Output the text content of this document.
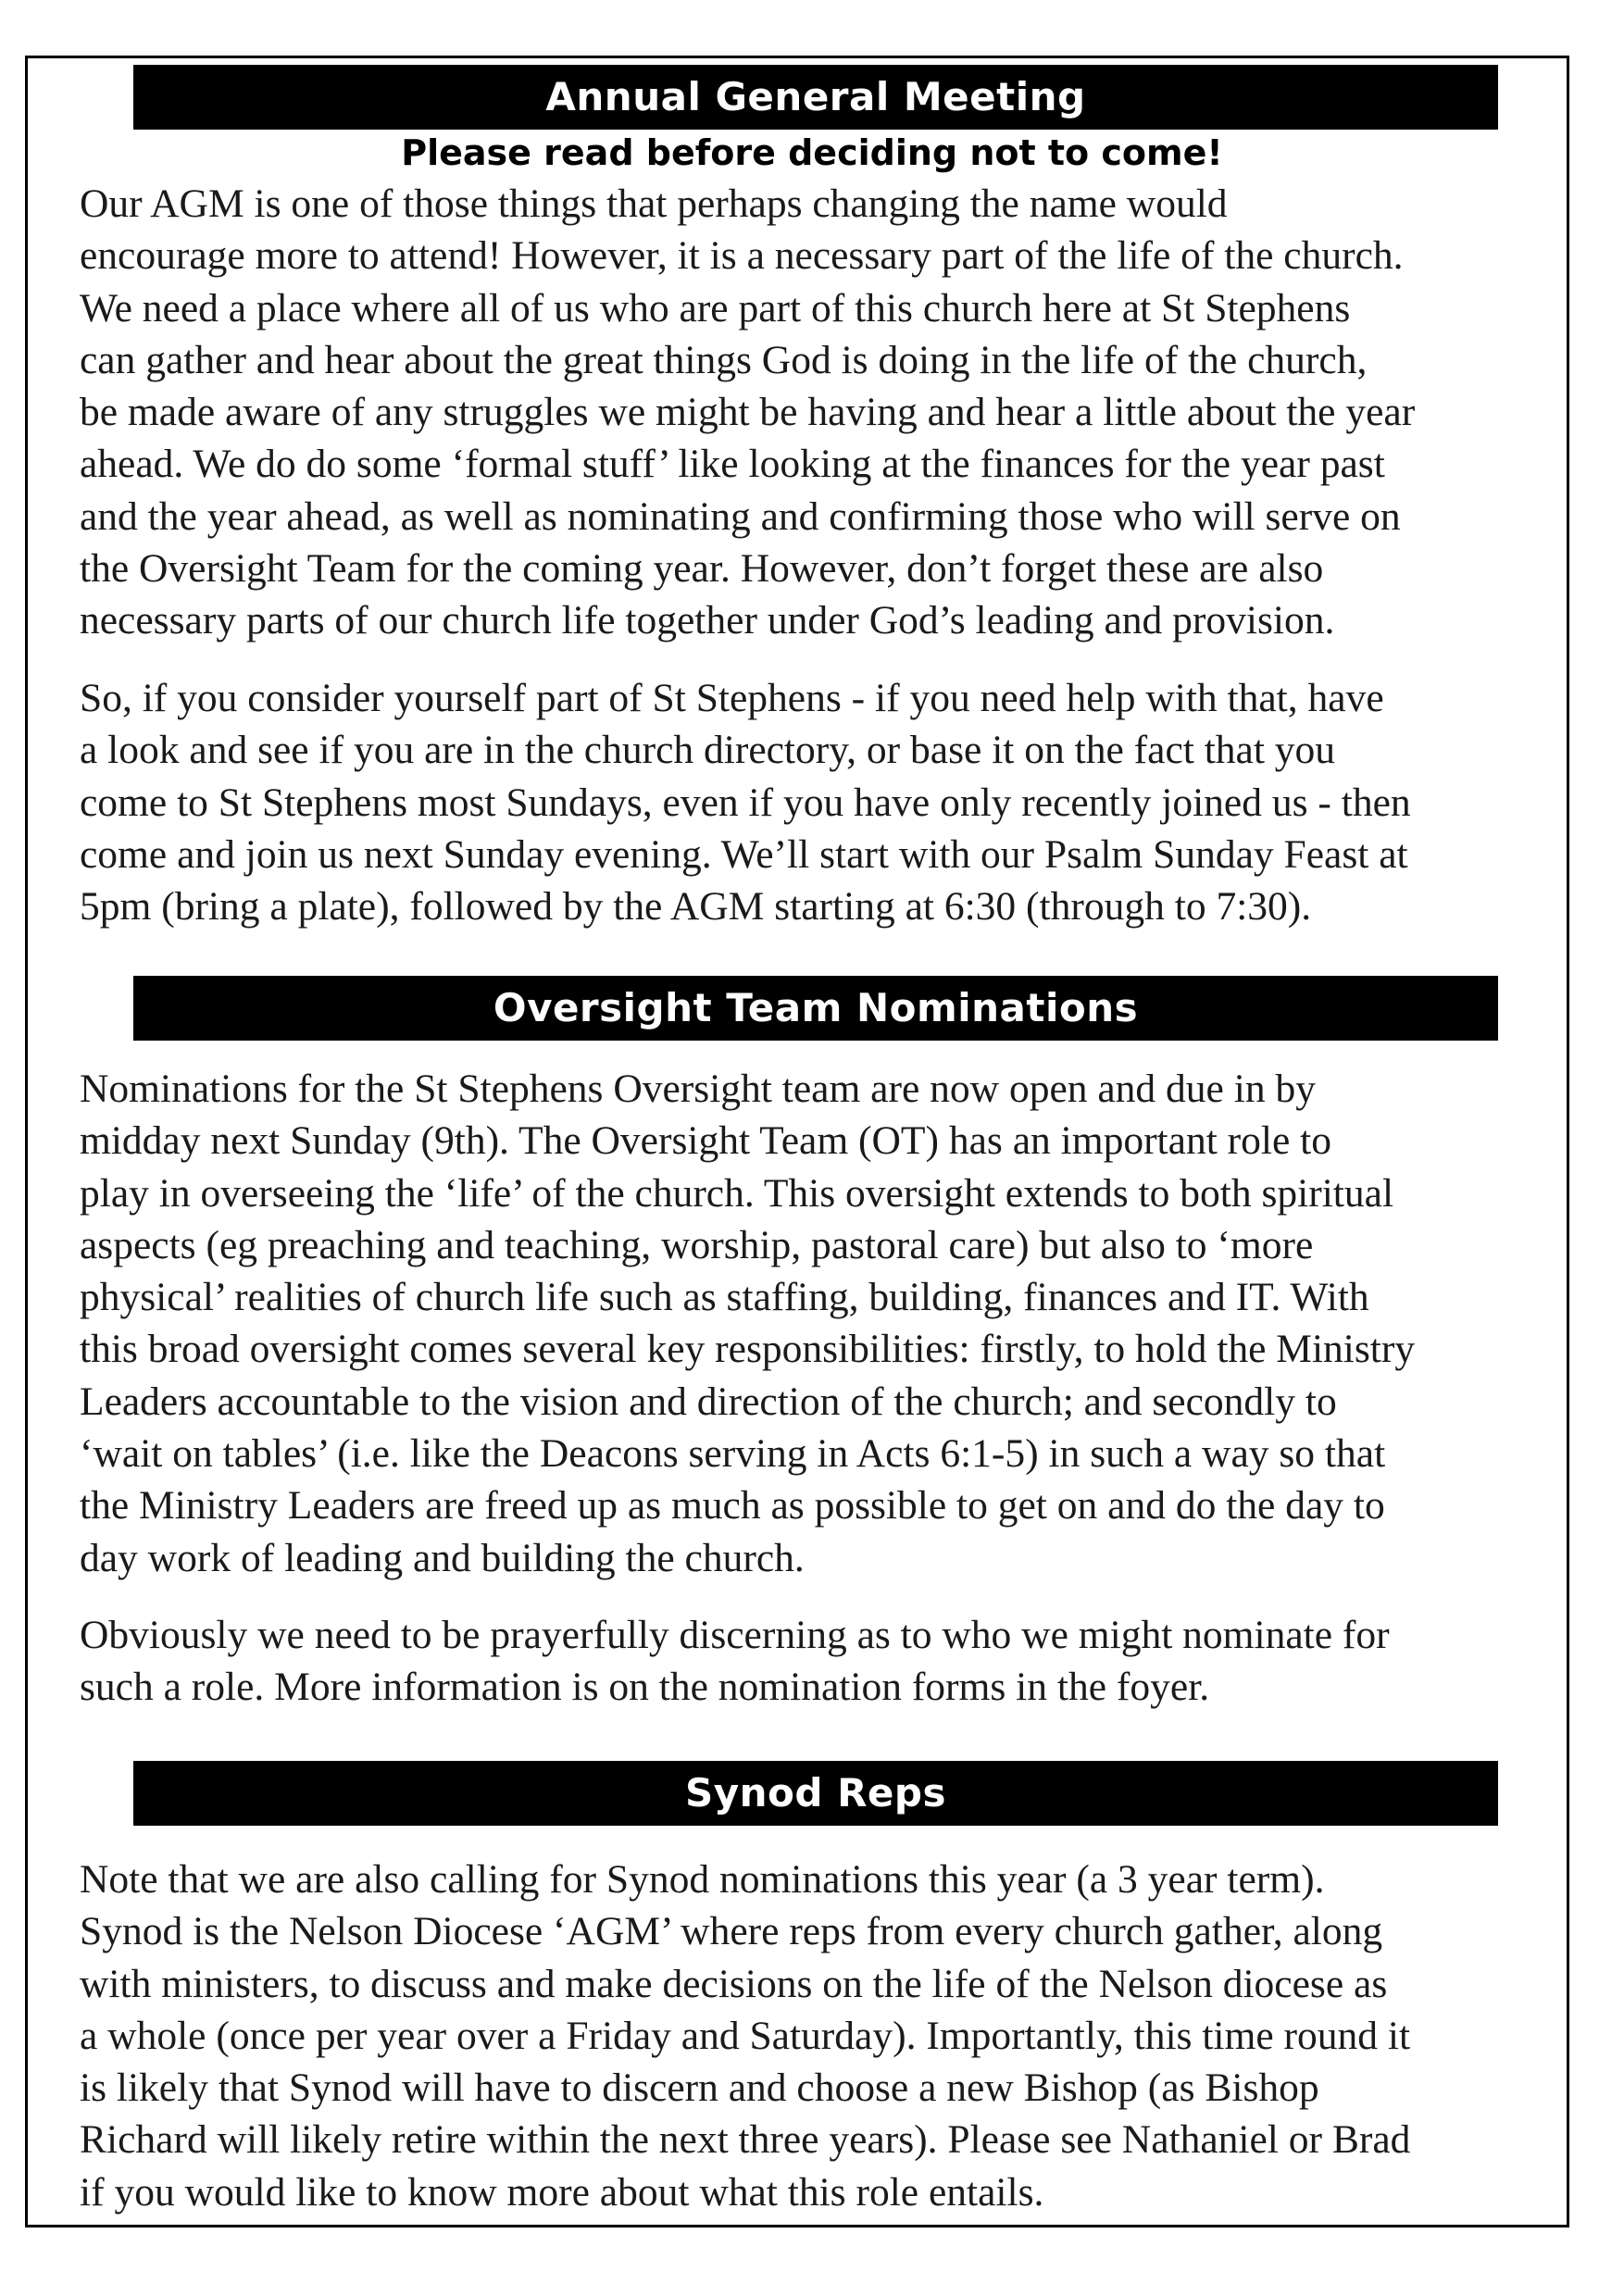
Annual General Meeting
Please read before deciding not to come!
Our AGM is one of those things that perhaps changing the name would
encourage more to attend! However, it is a necessary part of the life of the church.
We need a place where all of us who are part of this church here at St Stephens
can gather and hear about the great things God is doing in the life of the church,
be made aware of any struggles we might be having and hear a little about the year
ahead. We do do some ‘formal stuff’ like looking at the finances for the year past
and the year ahead, as well as nominating and confirming those who will serve on
the Oversight Team for the coming year. However, don’t forget these are also
necessary parts of our church life together under God’s leading and provision.
So, if you consider yourself part of St Stephens - if you need help with that, have
a look and see if you are in the church directory, or base it on the fact that you
come to St Stephens most Sundays, even if you have only recently joined us - then
come and join us next Sunday evening. We’ll start with our Psalm Sunday Feast at
5pm (bring a plate), followed by the AGM starting at 6:30 (through to 7:30).
Oversight Team Nominations
Nominations for the St Stephens Oversight team are now open and due in by
midday next Sunday (9th). The Oversight Team (OT) has an important role to
play in overseeing the ‘life’ of the church. This oversight extends to both spiritual
aspects (eg preaching and teaching, worship, pastoral care) but also to ‘more
physical’ realities of church life such as staffing, building, finances and IT. With
this broad oversight comes several key responsibilities: firstly, to hold the Ministry
Leaders accountable to the vision and direction of the church; and secondly to
‘wait on tables’ (i.e. like the Deacons serving in Acts 6:1-5) in such a way so that
the Ministry Leaders are freed up as much as possible to get on and do the day to
day work of leading and building the church.
Obviously we need to be prayerfully discerning as to who we might nominate for
such a role. More information is on the nomination forms in the foyer.
Synod Reps
Note that we are also calling for Synod nominations this year (a 3 year term).
Synod is the Nelson Diocese ‘AGM’ where reps from every church gather, along
with ministers, to discuss and make decisions on the life of the Nelson diocese as
a whole (once per year over a Friday and Saturday). Importantly, this time round it
is likely that Synod will have to discern and choose a new Bishop (as Bishop
Richard will likely retire within the next three years). Please see Nathaniel or Brad
if you would like to know more about what this role entails.
